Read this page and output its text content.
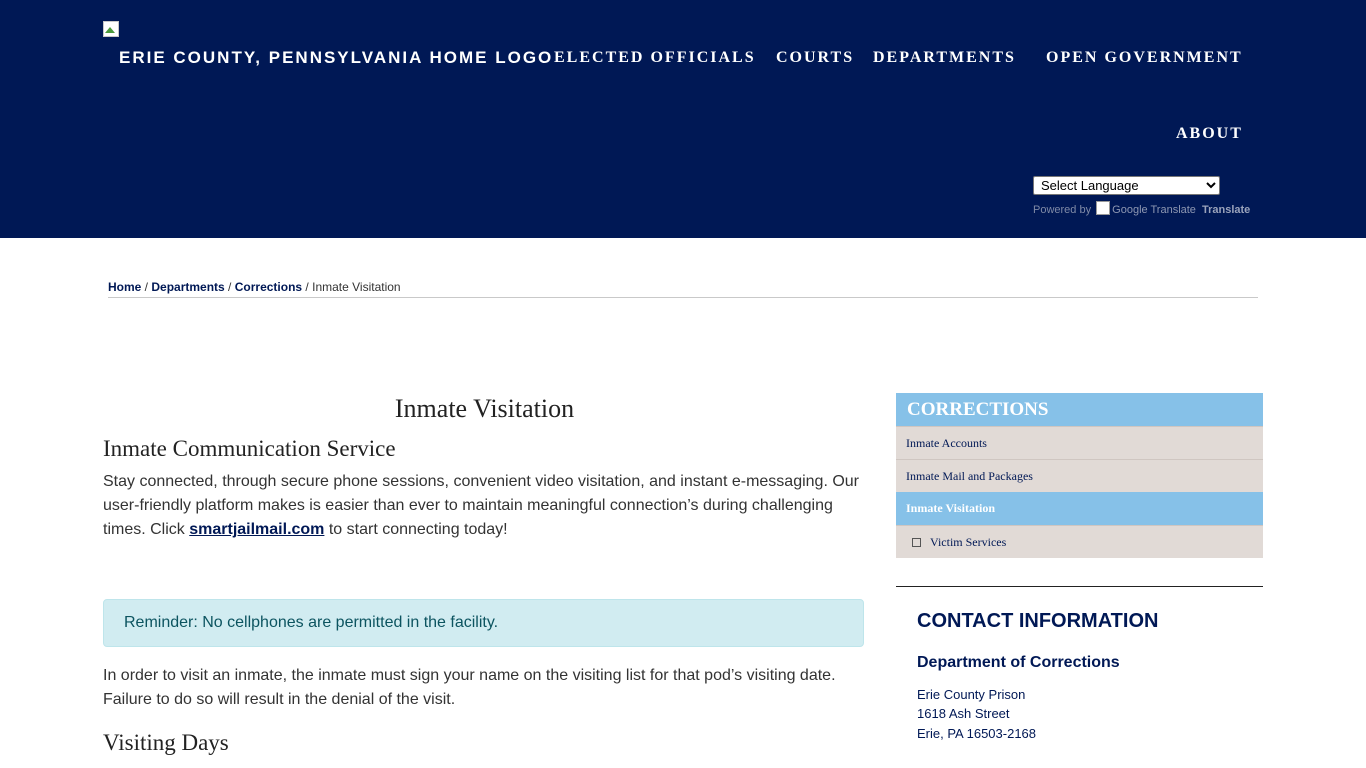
ERIE COUNTY, PENNSYLVANIA HOME LOGO ELECTED OFFICIALS COURTS DEPARTMENTS OPEN GOVERNMENT
ABOUT
Select Language
Powered by Google Translate Translate
Home / Departments / Corrections / Inmate Visitation
Inmate Visitation
Inmate Communication Service
Stay connected, through secure phone sessions, convenient video visitation, and instant e-messaging. Our
user-friendly platform makes is easier than ever to maintain meaningful connection’s during challenging
times. Click smartjailmail.com to start connecting today!
Reminder: No cellphones are permitted in the facility.
In order to visit an inmate, the inmate must sign your name on the visiting list for that pod’s visiting date.
Failure to do so will result in the denial of the visit.
Visiting Days
CORRECTIONS
Inmate Accounts
Inmate Mail and Packages
Inmate Visitation
Victim Services
CONTACT INFORMATION
Department of Corrections
Erie County Prison
1618 Ash Street
Erie, PA 16503-2168
